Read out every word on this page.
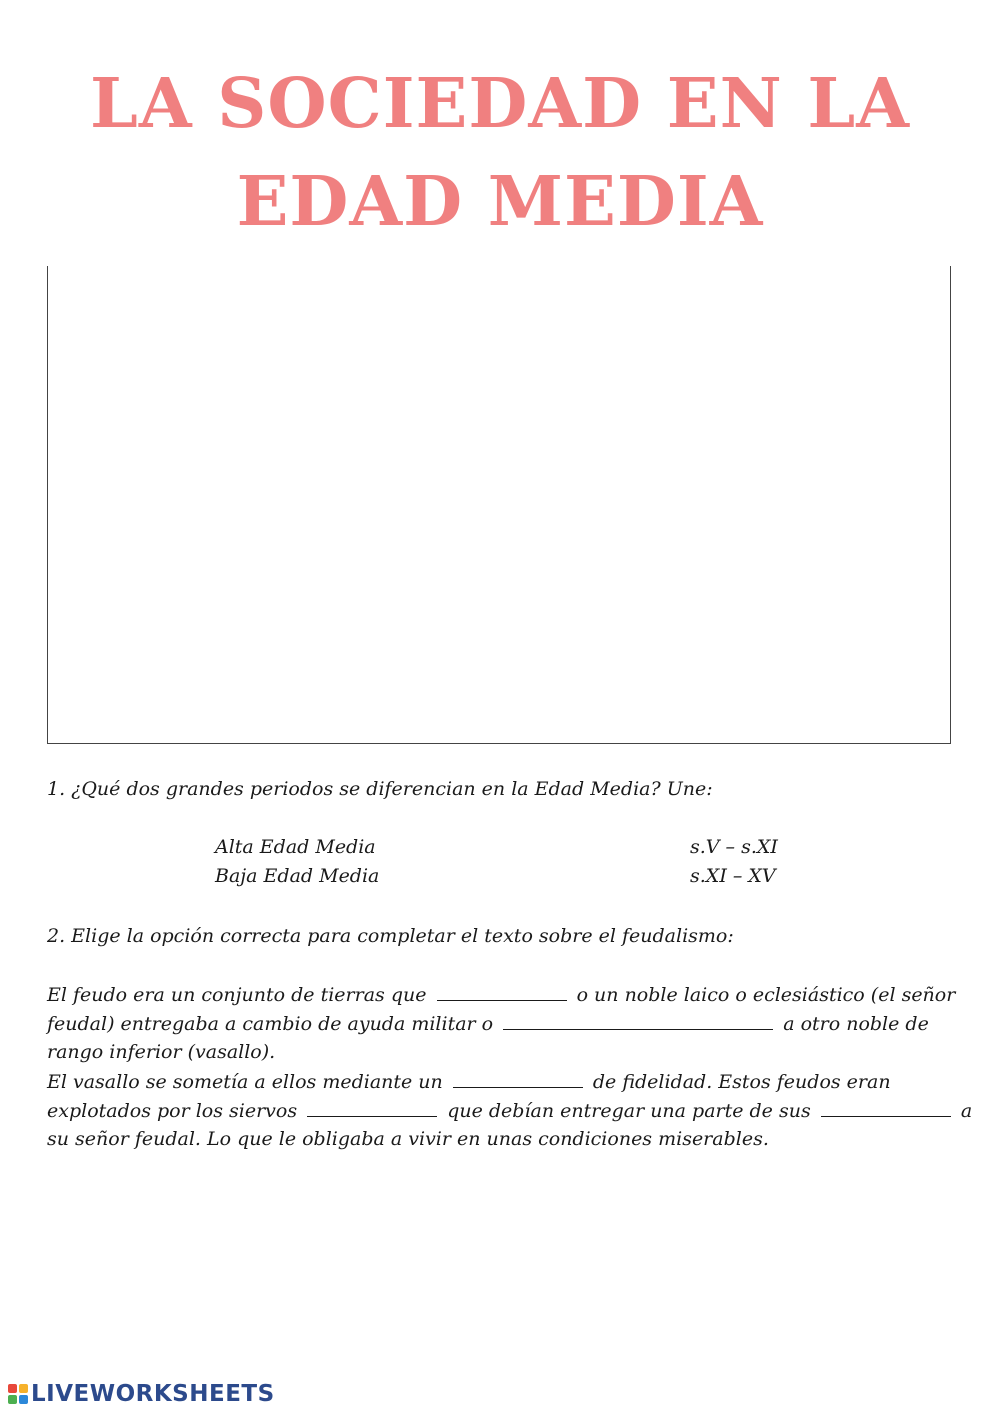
LA SOCIEDAD EN LA
EDAD MEDIA
1. ¿Qué dos grandes periodos se diferencian en la Edad Media? Une:
Alta Edad Media	s.V – s.XI
Baja Edad Media	s.XI – XV
2. Elige la opción correcta para completar el texto sobre el feudalismo:
El feudo era un conjunto de tierras que	o un noble laico o eclesiástico (el señor
feudal) entregaba a cambio de ayuda militar o	a otro noble de
rango inferior (vasallo).
El vasallo se sometía a ellos mediante un	de fidelidad. Estos feudos eran
explotados por los siervos	que debían entregar una parte de sus	a
su señor feudal. Lo que le obligaba a vivir en unas condiciones miserables.
LIVEWORKSHEETS
